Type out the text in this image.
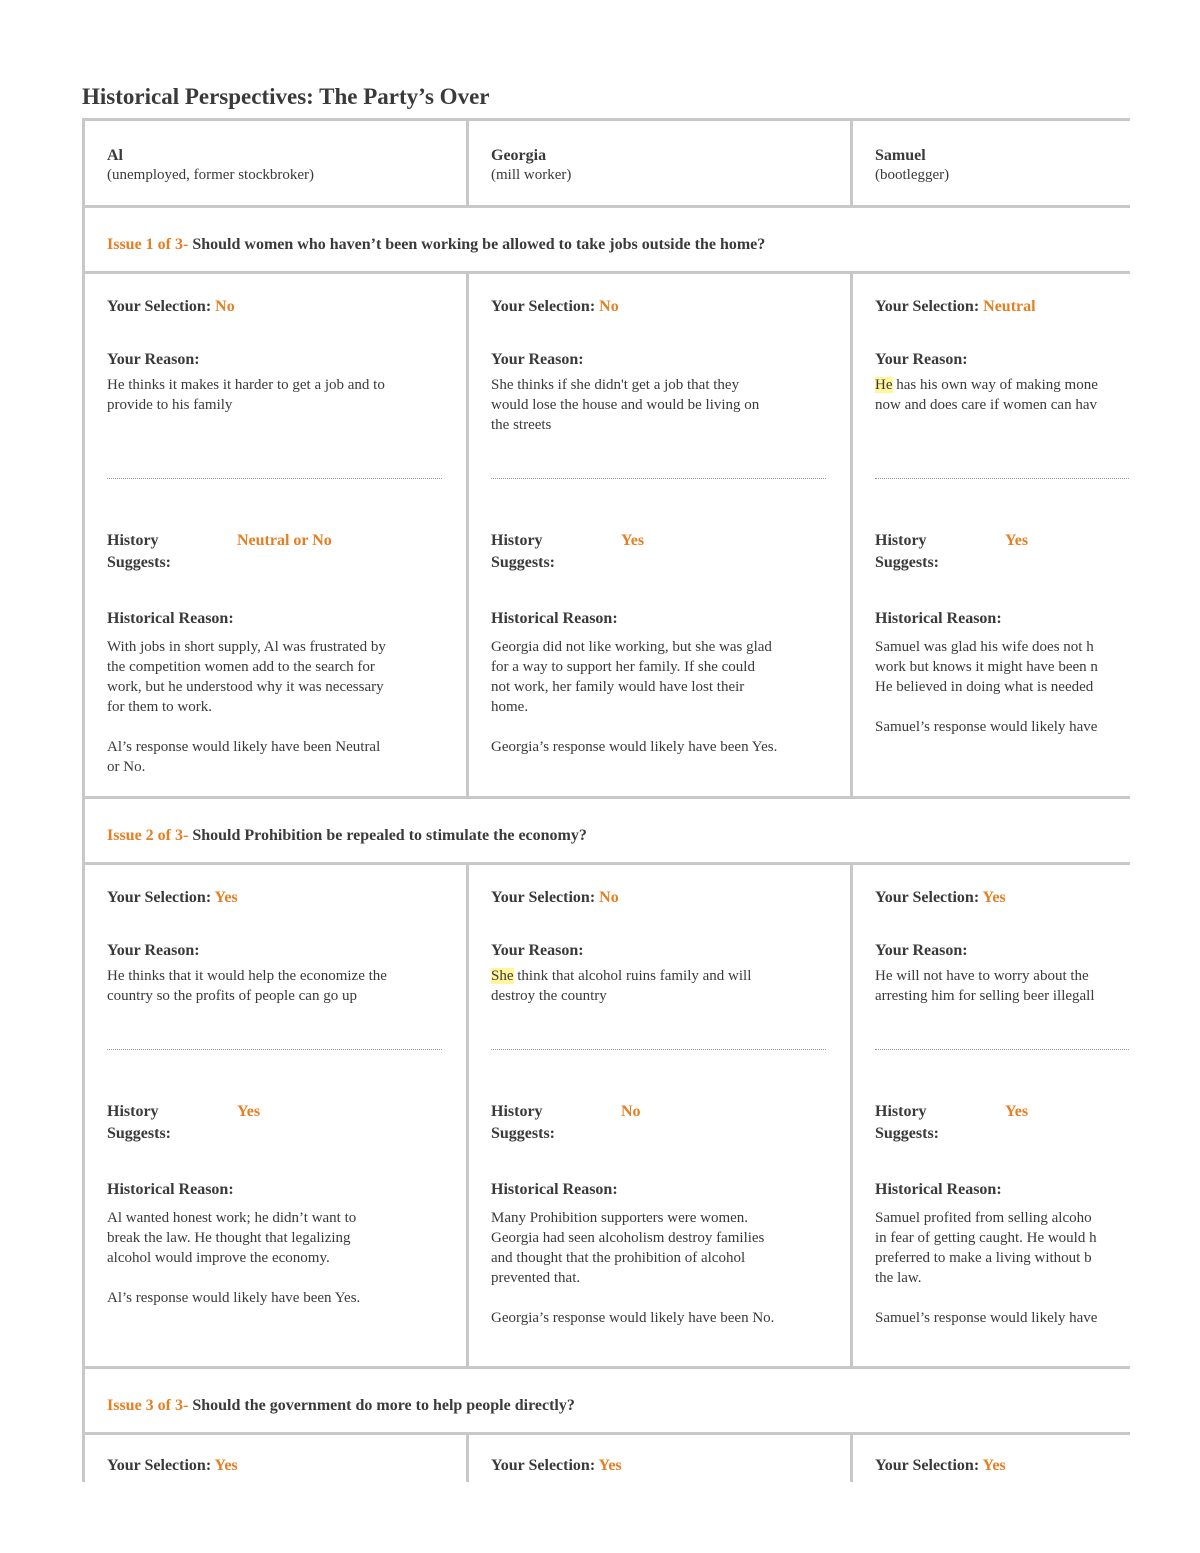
Historical Perspectives: The Party’s Over
Al
(unemployed, former stockbroker)
Georgia
(mill worker)
Samuel
(bootlegger)
Issue 1 of 3- Should women who haven’t been working be allowed to take jobs outside the home?
Your Selection: No
Your Reason:
He thinks it makes it harder to get a job and to
provide to his family
History
Suggests:
Neutral or No
Historical Reason:
With jobs in short supply, Al was frustrated by
the competition women add to the search for
work, but he understood why it was necessary
for them to work.
Al’s response would likely have been Neutral
or No.
Your Selection: No
Your Reason:
She thinks if she didn't get a job that they
would lose the house and would be living on
the streets
History
Suggests:
Yes
Historical Reason:
Georgia did not like working, but she was glad
for a way to support her family. If she could
not work, her family would have lost their
home.
Georgia’s response would likely have been Yes.
Your Selection: Neutral
Your Reason:
He has his own way of making mone
now and does care if women can hav
History
Suggests:
Yes
Historical Reason:
Samuel was glad his wife does not h
work but knows it might have been n
He believed in doing what is needed
Samuel’s response would likely have
Issue 2 of 3- Should Prohibition be repealed to stimulate the economy?
Your Selection: Yes
Your Reason:
He thinks that it would help the economize the
country so the profits of people can go up
History
Suggests:
Yes
Historical Reason:
Al wanted honest work; he didn’t want to
break the law. He thought that legalizing
alcohol would improve the economy.
Al’s response would likely have been Yes.
Your Selection: No
Your Reason:
She think that alcohol ruins family and will
destroy the country
History
Suggests:
No
Historical Reason:
Many Prohibition supporters were women.
Georgia had seen alcoholism destroy families
and thought that the prohibition of alcohol
prevented that.
Georgia’s response would likely have been No.
Your Selection: Yes
Your Reason:
He will not have to worry about the
arresting him for selling beer illegall
History
Suggests:
Yes
Historical Reason:
Samuel profited from selling alcoho
in fear of getting caught. He would h
preferred to make a living without b
the law.
Samuel’s response would likely have
Issue 3 of 3- Should the government do more to help people directly?
Your Selection: Yes	Your Selection: Yes	Your Selection: Yes
